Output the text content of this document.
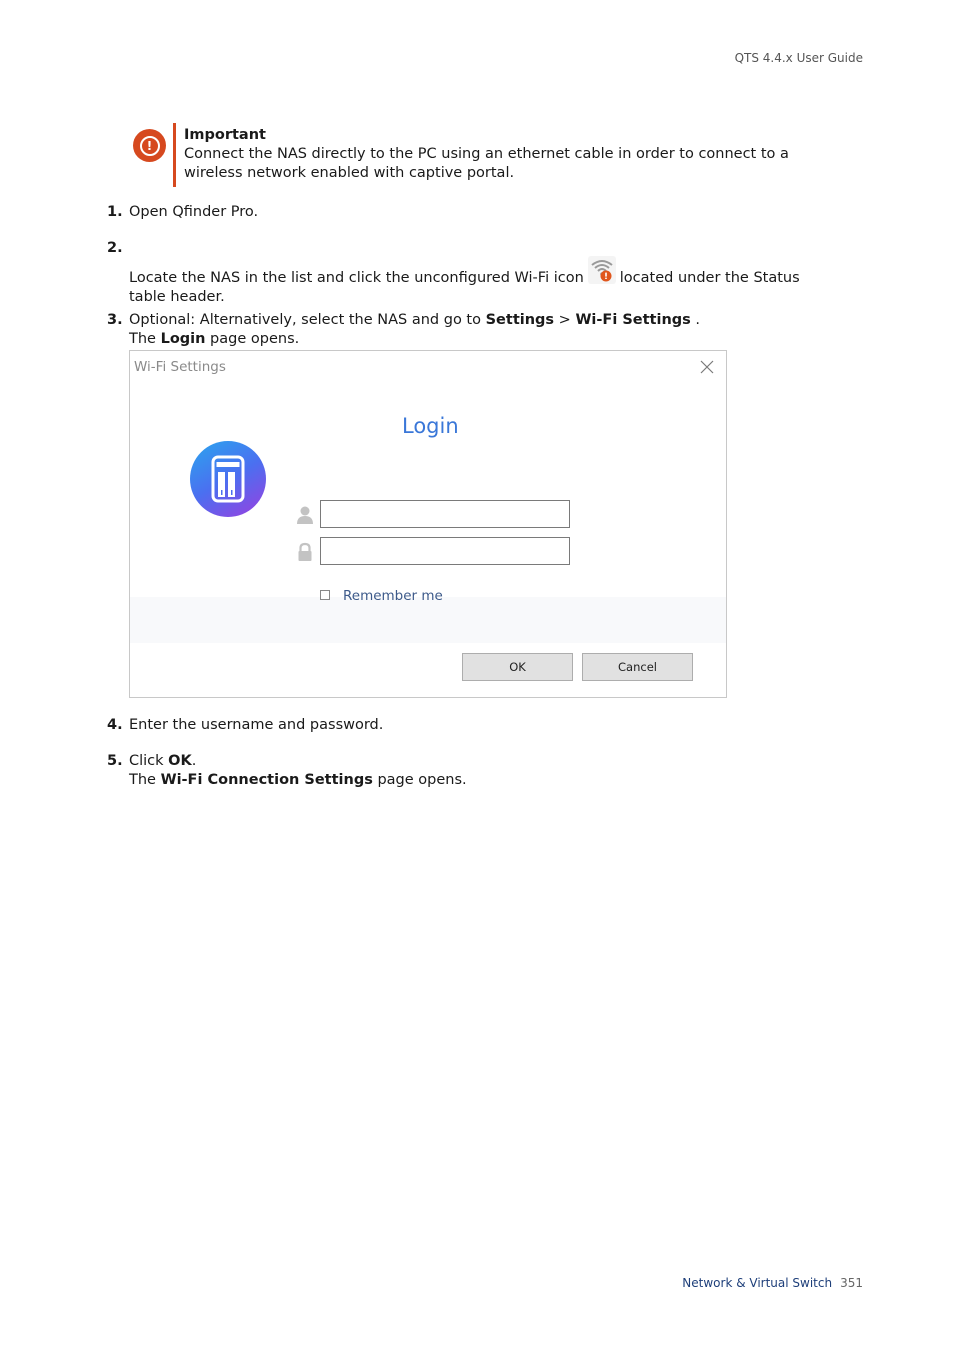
QTS 4.4.x User Guide
!
Important
Connect the NAS directly to the PC using an ethernet cable in order to connect to a wireless network enabled with captive portal.
1. Open Qfinder Pro.
2.
Locate the NAS in the list and click the unconfigured Wi-Fi icon located under the Status table header.
3. Optional: Alternatively, select the NAS and go to Settings > Wi-Fi Settings .
The Login page opens.
Wi-Fi Settings
Login
Remember me
OK	Cancel
4. Enter the username and password.
5. Click OK.
The Wi-Fi Connection Settings page opens.
Network & Virtual Switch 351
